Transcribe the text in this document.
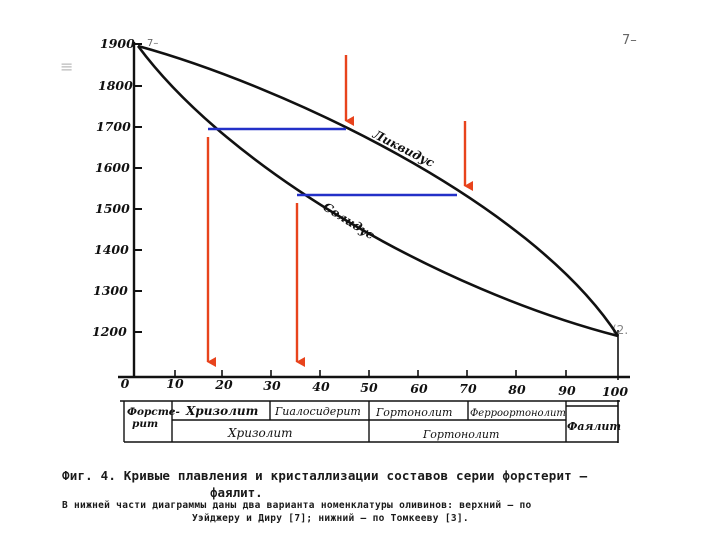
1900
1800
1700
1600
1500
1400
1300
1200
7–	7–
(2.
≡
0	10	20 30	40 50	60	70	80	90 100
Ликвидус
Солидус
Форсте-
рит
Хризолит Гиалосидерит Гортонолит Ферроортонолит
Хризолит	Гортонолит
Фаялит
Фиг. 4. Кривые плавления и кристаллизации составов серии форстерит —
фаялит.
В нижней части диаграммы даны два варианта номенклатуры оливинов: верхний — по
Уэйджеру и Диру [7]; нижний — по Томкееву [3].
